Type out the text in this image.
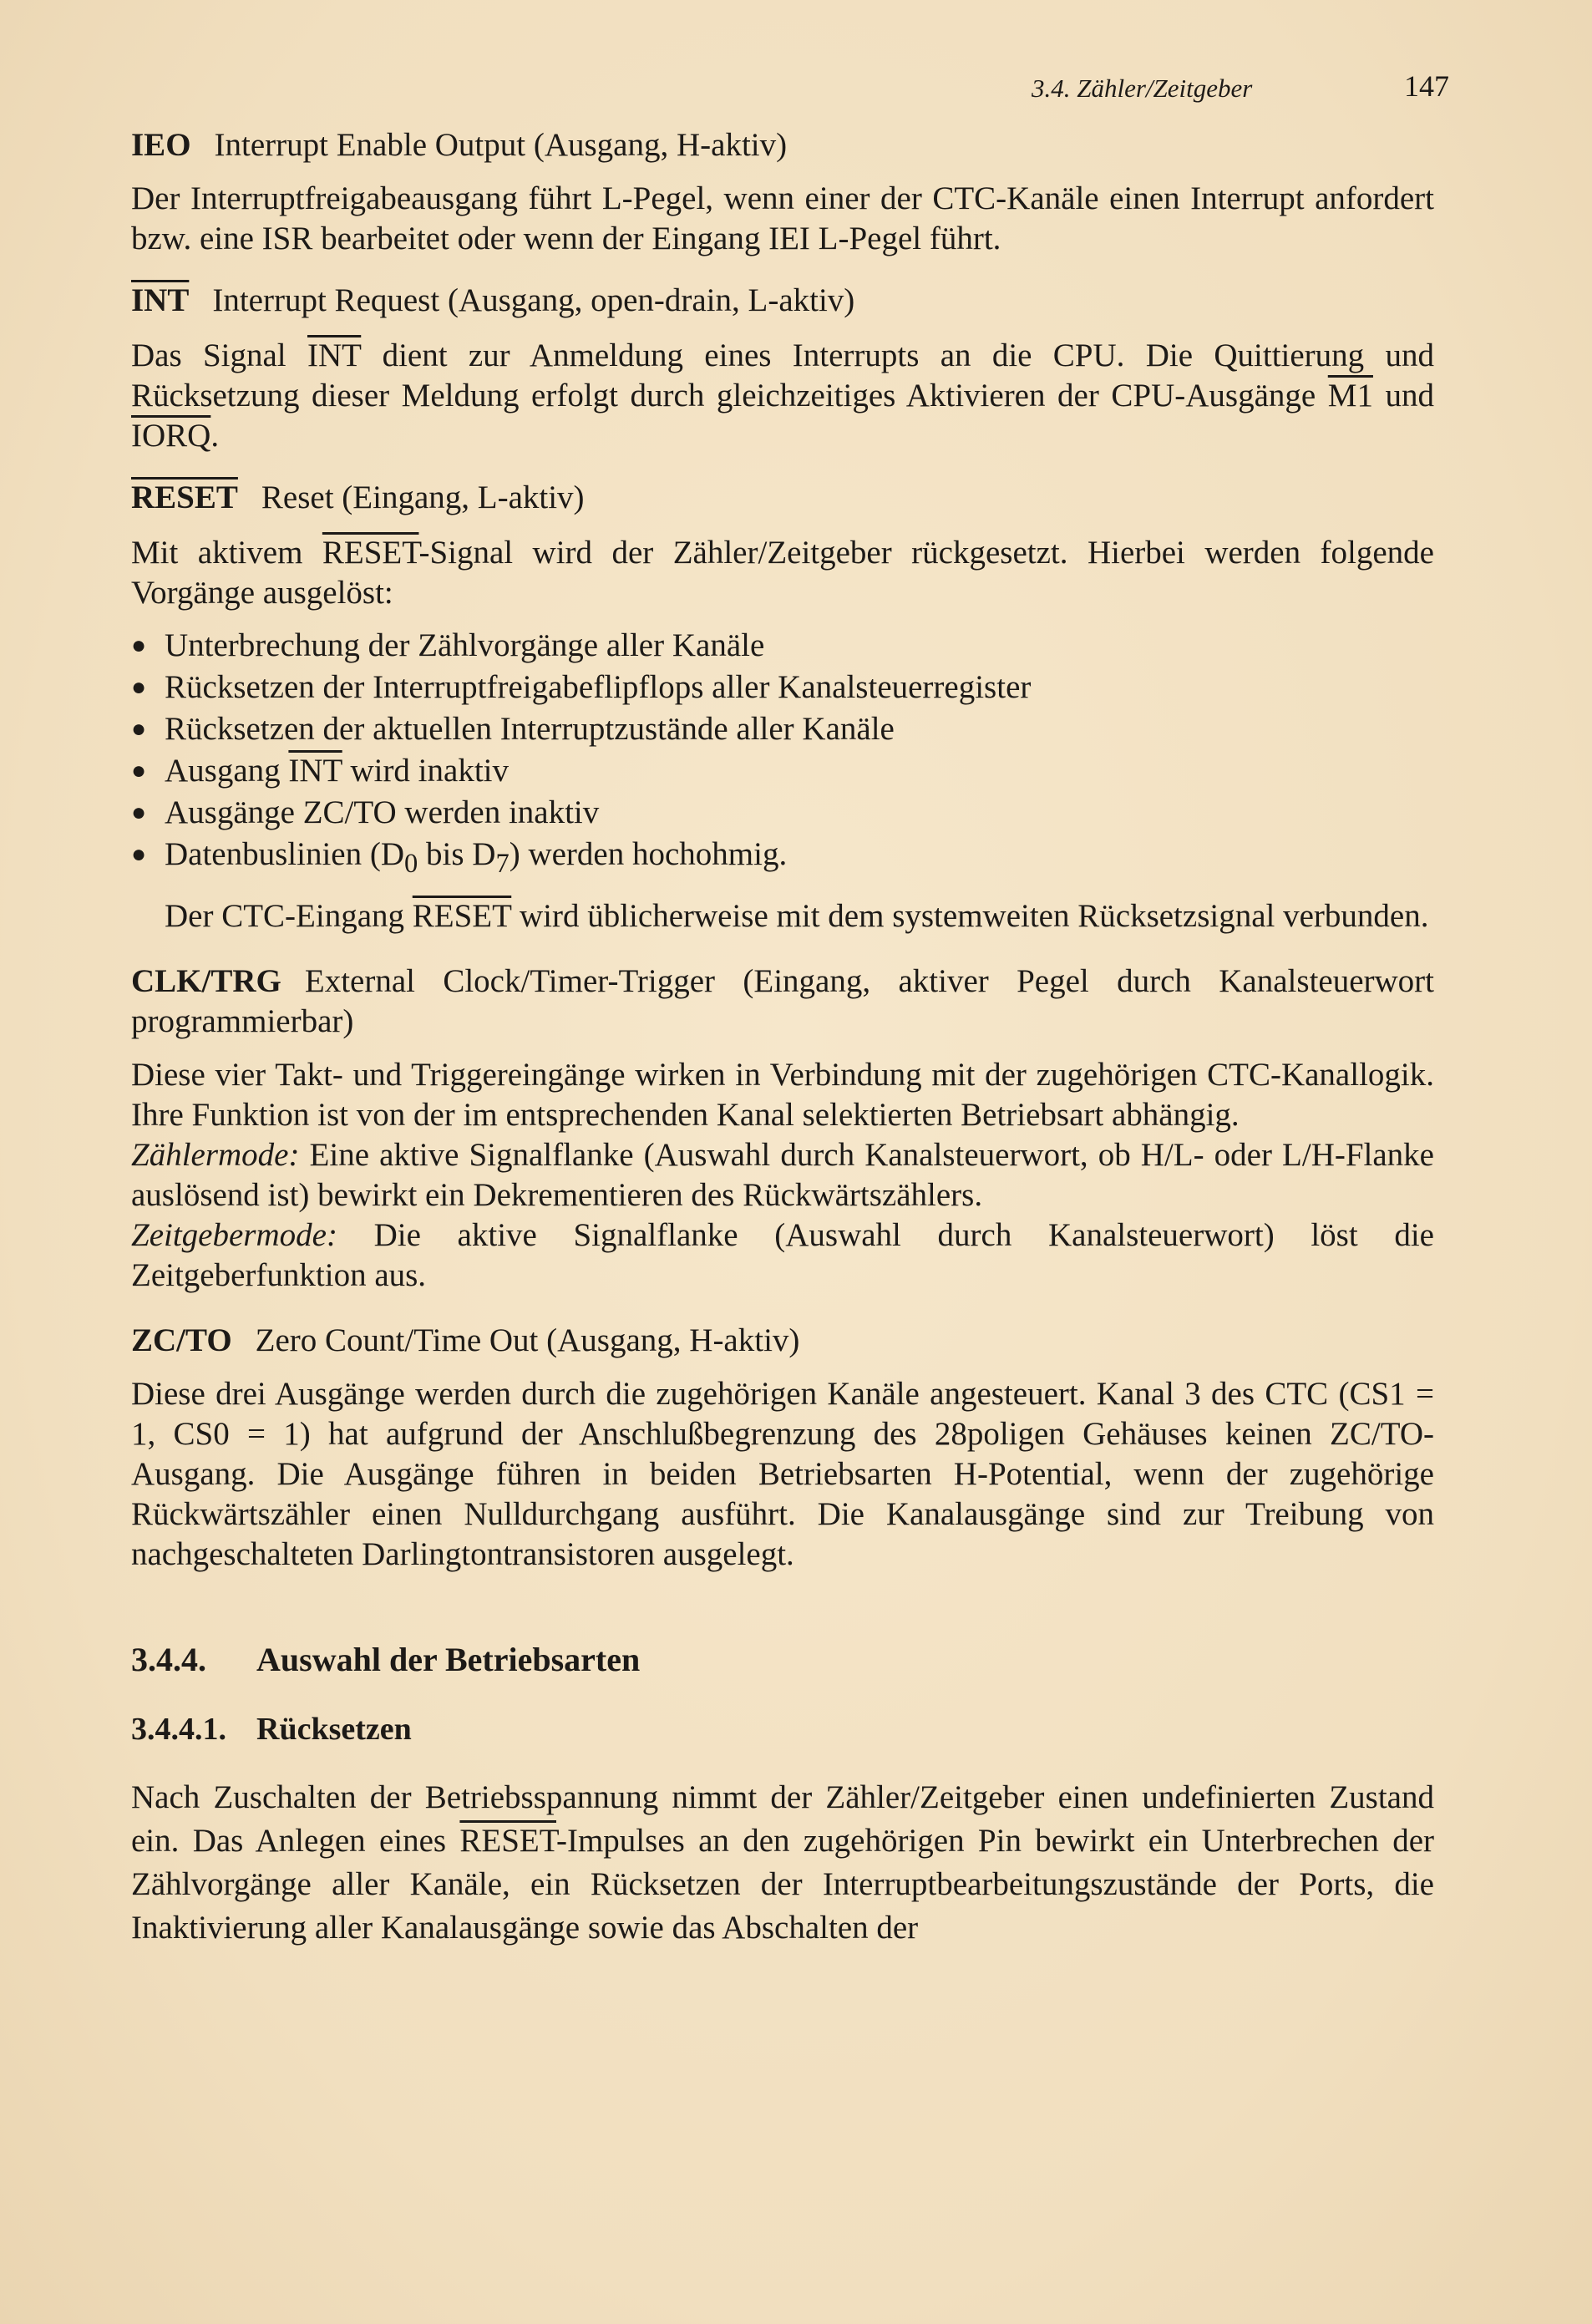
3.4. Zähler/Zeitgeber	147

IEO Interrupt Enable Output (Ausgang, H-aktiv)

Der Interruptfreigabeausgang führt L-Pegel, wenn einer der CTC-Kanäle einen Interrupt anfordert bzw. eine ISR bearbeitet oder wenn der Eingang IEI L-Pegel führt.

$\overline{INT}$ Interrupt Request (Ausgang, open-drain, L-aktiv)

Das Signal $\overline{INT}$ dient zur Anmeldung eines Interrupts an die CPU. Die Quittierung und Rücksetzung dieser Meldung erfolgt durch gleichzeitiges Aktivieren der CPU-Ausgänge M1 und IORQ.

RESET Reset (Eingang, L-aktiv)

Mit aktivem RESET-Signal wird der Zähler/Zeitgeber rückgesetzt. Hierbei werden folgende Vorgänge ausgelöst:

● Unterbrechung der Zählvorgänge aller Kanäle
● Rücksetzen der Interruptfreigabeflipflops aller Kanalsteuerregister
● Rücksetzen der aktuellen Interruptzustände aller Kanäle
● Ausgang $\overline{INT}$ wird inaktiv
● Ausgänge ZC/TO werden inaktiv
● Datenbuslinien ($D_0$ bis $D_7$) werden hochohmig.

Der CTC-Eingang RESET wird üblicherweise mit dem systemweiten Rücksetzsignal verbunden.

CLK/TRG External Clock/Timer-Trigger (Eingang, aktiver Pegel durch Kanalsteuerwort programmierbar)

Diese vier Takt- und Triggereingänge wirken in Verbindung mit der zugehörigen CTC-Kanallogik. Ihre Funktion ist von der im entsprechenden Kanal selektierten Betriebsart abhängig.

Zählermode: Eine aktive Signalflanke (Auswahl durch Kanalsteuerwort, ob H/L- oder L/H-Flanke auslösend ist) bewirkt ein Dekrementieren des Rückwärtszählers.

Zeitgebermode: Die aktive Signalflanke (Auswahl durch Kanalsteuerwort) löst die Zeitgeberfunktion aus.

ZC/TO Zero Count/Time Out (Ausgang, H-aktiv)

Diese drei Ausgänge werden durch die zugehörigen Kanäle angesteuert. Kanal 3 des CTC (CS1 = 1, CS0 = 1) hat aufgrund der Anschlußbegrenzung des 28poligen Gehäuses keinen ZC/TO-Ausgang. Die Ausgänge führen in beiden Betriebsarten H-Potential, wenn der zugehörige Rückwärtszähler einen Nulldurchgang ausführt. Die Kanalausgänge sind zur Treibung von nachgeschalteten Darlingtontransistoren ausgelegt.

3.4.4. Auswahl der Betriebsarten

3.4.4.1. Rücksetzen

Nach Zuschalten der Betriebsspannung nimmt der Zähler/Zeitgeber einen undefinierten Zustand ein. Das Anlegen eines RESET-Impulses an den zugehörigen Pin bewirkt ein Unterbrechen der Zählvorgänge aller Kanäle, ein Rücksetzen der Interruptbearbeitungszustände der Ports, die Inaktivierung aller Kanalausgänge sowie das Abschalten der
